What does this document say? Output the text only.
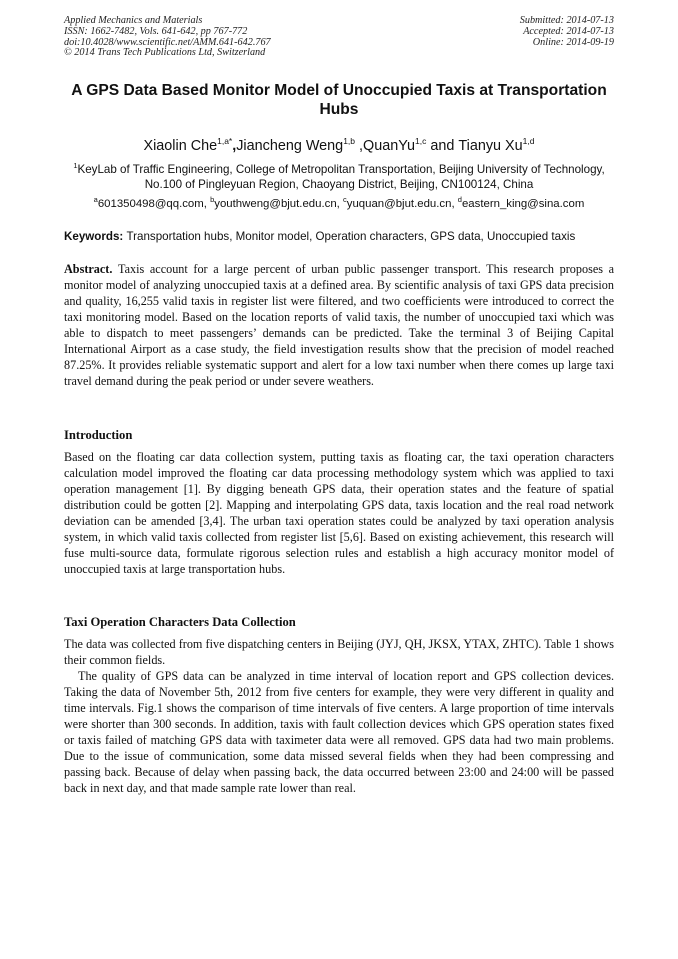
Applied Mechanics and Materials
ISSN: 1662-7482, Vols. 641-642, pp 767-772
doi:10.4028/www.scientific.net/AMM.641-642.767
© 2014 Trans Tech Publications Ltd, Switzerland
Submitted: 2014-07-13
Accepted: 2014-07-13
Online: 2014-09-19
A GPS Data Based Monitor Model of Unoccupied Taxis at Transportation Hubs
Xiaolin Che$^{1,a*}$,Jiancheng Weng$^{1,b}$ ,QuanYu$^{1,c}$ and Tianyu Xu$^{1,d}$
$^1$KeyLab of Traffic Engineering, College of Metropolitan Transportation, Beijing University of Technology, No.100 of Pingleyuan Region, Chaoyang District, Beijing, CN100124, China
$^a$601350498@qq.com, $^b$youthweng@bjut.edu.cn, $^c$yuquan@bjut.edu.cn, $^d$eastern_king@sina.com
Keywords: Transportation hubs, Monitor model, Operation characters, GPS data, Unoccupied taxis
Abstract. Taxis account for a large percent of urban public passenger transport. This research proposes a monitor model of analyzing unoccupied taxis at a defined area. By scientific analysis of taxi GPS data precision and quality, 16,255 valid taxis in register list were filtered, and two coefficients were introduced to correct the taxi monitoring model. Based on the location reports of valid taxis, the number of unoccupied taxi which was able to dispatch to meet passengers’ demands can be predicted. Take the terminal 3 of Beijing Capital International Airport as a case study, the field investigation results show that the precision of model reached 87.25%. It provides reliable systematic support and alert for a low taxi number when there comes up large taxi travel demand during the peak period or under severe weathers.
Introduction
Based on the floating car data collection system, putting taxis as floating car, the taxi operation characters calculation model improved the floating car data processing methodology system which was applied to taxi operation management [1]. By digging beneath GPS data, their operation states and the feature of spatial distribution could be gotten [2]. Mapping and interpolating GPS data, taxis location and the real road network deviation can be amended [3,4]. The urban taxi operation states could be analyzed by taxi operation analysis system, in which valid taxis collected from register list [5,6]. Based on existing achievement, this research will fuse multi-source data, formulate rigorous selection rules and establish a high accuracy monitor model of unoccupied taxis at large transportation hubs.
Taxi Operation Characters Data Collection
The data was collected from five dispatching centers in Beijing (JYJ, QH, JKSX, YTAX, ZHTC). Table 1 shows their common fields.
The quality of GPS data can be analyzed in time interval of location report and GPS collection devices. Taking the data of November 5th, 2012 from five centers for example, they were very different in quality and time intervals. Fig.1 shows the comparison of time intervals of five centers. A large proportion of time intervals were shorter than 300 seconds. In addition, taxis with fault collection devices which GPS operation states fixed or taxis failed of matching GPS data with taximeter data were all removed. GPS data had two main problems. Due to the issue of communication, some data missed several fields when they had been compressing and passing back. Because of delay when passing back, the data occurred between 23:00 and 24:00 will be passed back in next day, and that made sample rate lower than real.
